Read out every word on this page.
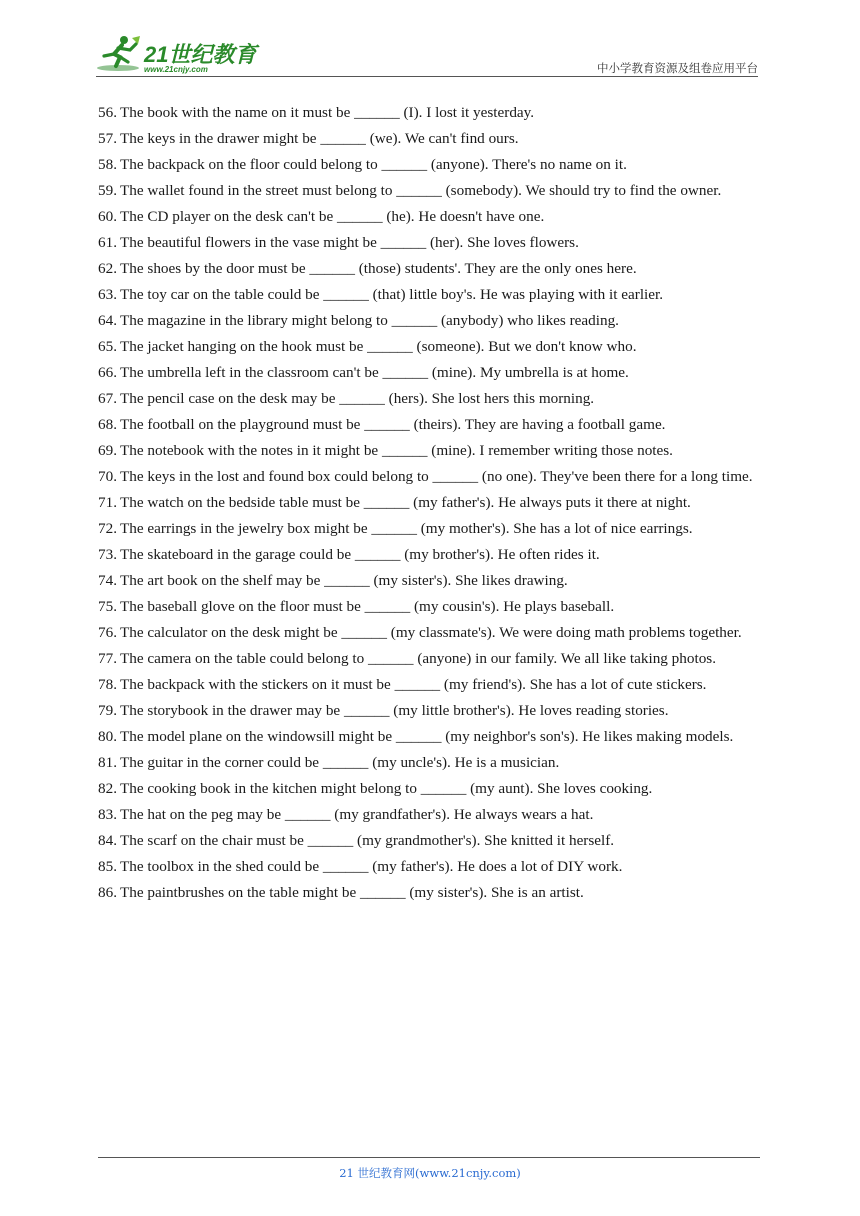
21世纪教育
www.21cnjy.com	中小学教育资源及组卷应用平台
56. The book with the name on it must be ______ (I). I lost it yesterday.
57. The keys in the drawer might be ______ (we). We can't find ours.
58. The backpack on the floor could belong to ______ (anyone). There's no name on it.
59. The wallet found in the street must belong to ______ (somebody). We should try to find the owner.
60. The CD player on the desk can't be ______ (he). He doesn't have one.
61. The beautiful flowers in the vase might be ______ (her). She loves flowers.
62. The shoes by the door must be ______ (those) students'. They are the only ones here.
63. The toy car on the table could be ______ (that) little boy's. He was playing with it earlier.
64. The magazine in the library might belong to ______ (anybody) who likes reading.
65. The jacket hanging on the hook must be ______ (someone). But we don't know who.
66. The umbrella left in the classroom can't be ______ (mine). My umbrella is at home.
67. The pencil case on the desk may be ______ (hers). She lost hers this morning.
68. The football on the playground must be ______ (theirs). They are having a football game.
69. The notebook with the notes in it might be ______ (mine). I remember writing those notes.
70. The keys in the lost and found box could belong to ______ (no one). They've been there for a long time.
71. The watch on the bedside table must be ______ (my father's). He always puts it there at night.
72. The earrings in the jewelry box might be ______ (my mother's). She has a lot of nice earrings.
73. The skateboard in the garage could be ______ (my brother's). He often rides it.
74. The art book on the shelf may be ______ (my sister's). She likes drawing.
75. The baseball glove on the floor must be ______ (my cousin's). He plays baseball.
76. The calculator on the desk might be ______ (my classmate's). We were doing math problems together.
77. The camera on the table could belong to ______ (anyone) in our family. We all like taking photos.
78. The backpack with the stickers on it must be ______ (my friend's). She has a lot of cute stickers.
79. The storybook in the drawer may be ______ (my little brother's). He loves reading stories.
80. The model plane on the windowsill might be ______ (my neighbor's son's). He likes making models.
81. The guitar in the corner could be ______ (my uncle's). He is a musician.
82. The cooking book in the kitchen might belong to ______ (my aunt). She loves cooking.
83. The hat on the peg may be ______ (my grandfather's). He always wears a hat.
84. The scarf on the chair must be ______ (my grandmother's). She knitted it herself.
85. The toolbox in the shed could be ______ (my father's). He does a lot of DIY work.
86. The paintbrushes on the table might be ______ (my sister's). She is an artist.
21 世纪教育网(www.21cnjy.com)
